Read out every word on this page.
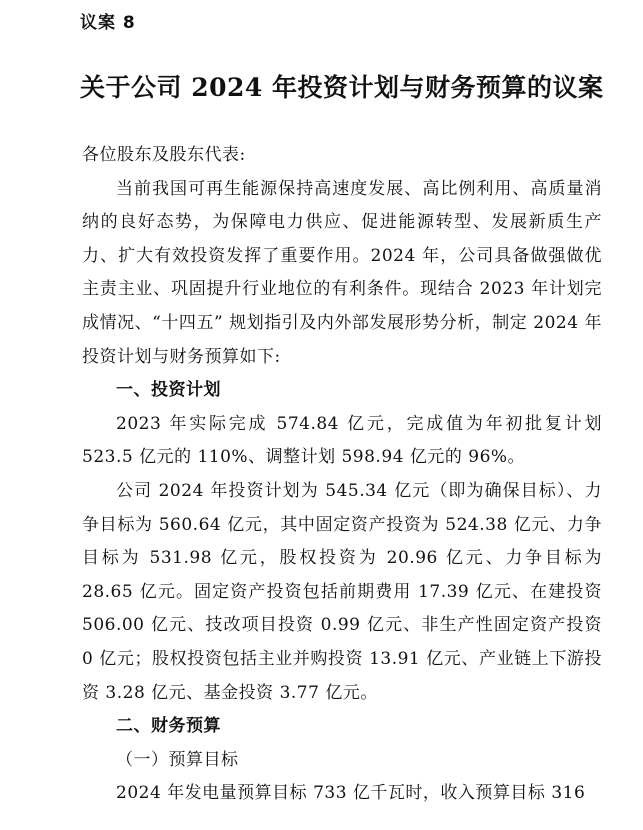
议案 8
关于公司 2024 年投资计划与财务预算的议案

各位股东及股东代表:

当前我国可再生能源保持高速度发展、高比例利用、高质量消纳的良好态势，为保障电力供应、促进能源转型、发展新质生产力、扩大有效投资发挥了重要作用。2024 年，公司具备做强做优主责主业、巩固提升行业地位的有利条件。现结合 2023 年计划完成情况、“十四五” 规划指引及内外部发展形势分析，制定 2024 年投资计划与财务预算如下:

一、投资计划

2023 年实际完成 574.84 亿元，完成值为年初批复计划 523.5 亿元的 110%、调整计划 598.94 亿元的 96%。

公司 2024 年投资计划为 545.34 亿元（即为确保目标）、力争目标为 560.64 亿元，其中固定资产投资为 524.38 亿元、力争目标为 531.98 亿元，股权投资为 20.96 亿元、力争目标为 28.65 亿元。固定资产投资包括前期费用 17.39 亿元、在建投资 506.00 亿元、技改项目投资 0.99 亿元、非生产性固定资产投资 0 亿元；股权投资包括主业并购投资 13.91 亿元、产业链上下游投资 3.28 亿元、基金投资 3.77 亿元。

二、财务预算

（一）预算目标

2024 年发电量预算目标 733 亿千瓦时，收入预算目标 316
